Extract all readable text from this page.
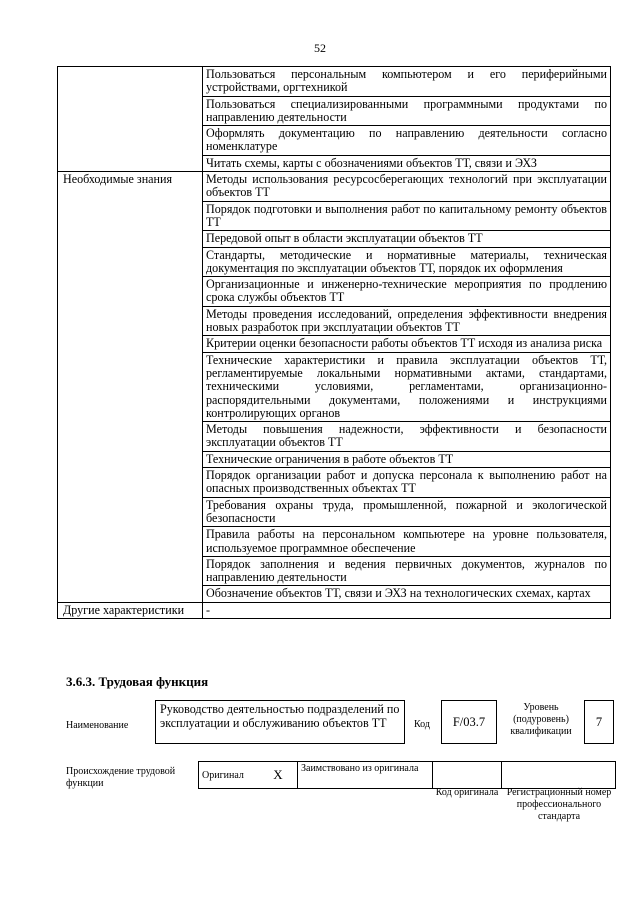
52
	Пользоваться персональным компьютером и его периферийными устройствами, оргтехникой
	Пользоваться специализированными программными продуктами по направлению деятельности
	Оформлять документацию по направлению деятельности согласно номенклатуре
	Читать схемы, карты с обозначениями объектов ТТ, связи и ЭХЗ
Необходимые знания	Методы использования ресурсосберегающих технологий при эксплуатации объектов ТТ
	Порядок подготовки и выполнения работ по капитальному ремонту объектов ТТ
	Передовой опыт в области эксплуатации объектов ТТ
	Стандарты, методические и нормативные материалы, техническая документация по эксплуатации объектов ТТ, порядок их оформления
	Организационные и инженерно-технические мероприятия по продлению срока службы объектов ТТ
	Методы проведения исследований, определения эффективности внедрения новых разработок при эксплуатации объектов ТТ
	Критерии оценки безопасности работы объектов ТТ исходя из анализа риска
	Технические характеристики и правила эксплуатации объектов ТТ, регламентируемые локальными нормативными актами, стандартами, техническими условиями, регламентами, организационно-распорядительными документами, положениями и инструкциями контролирующих органов
	Методы повышения надежности, эффективности и безопасности эксплуатации объектов ТТ
	Технические ограничения в работе объектов ТТ
	Порядок организации работ и допуска персонала к выполнению работ на опасных производственных объектах ТТ
	Требования охраны труда, промышленной, пожарной и экологической безопасности
	Правила работы на персональном компьютере на уровне пользователя, используемое программное обеспечение
	Порядок заполнения и ведения первичных документов, журналов по направлению деятельности
	Обозначение объектов ТТ, связи и ЭХЗ на технологических схемах, картах
Другие характеристики	-
3.6.3. Трудовая функция
Наименование
Руководство деятельностью подразделений по эксплуатации и обслуживанию объектов ТТ	Код	F/03.7
Уровень (подуровень) квалификации
7
Происхождение трудовой функции
Оригинал	X	Заимствовано из оригинала		
Код оригинала Регистрационный номер профессионального стандарта
